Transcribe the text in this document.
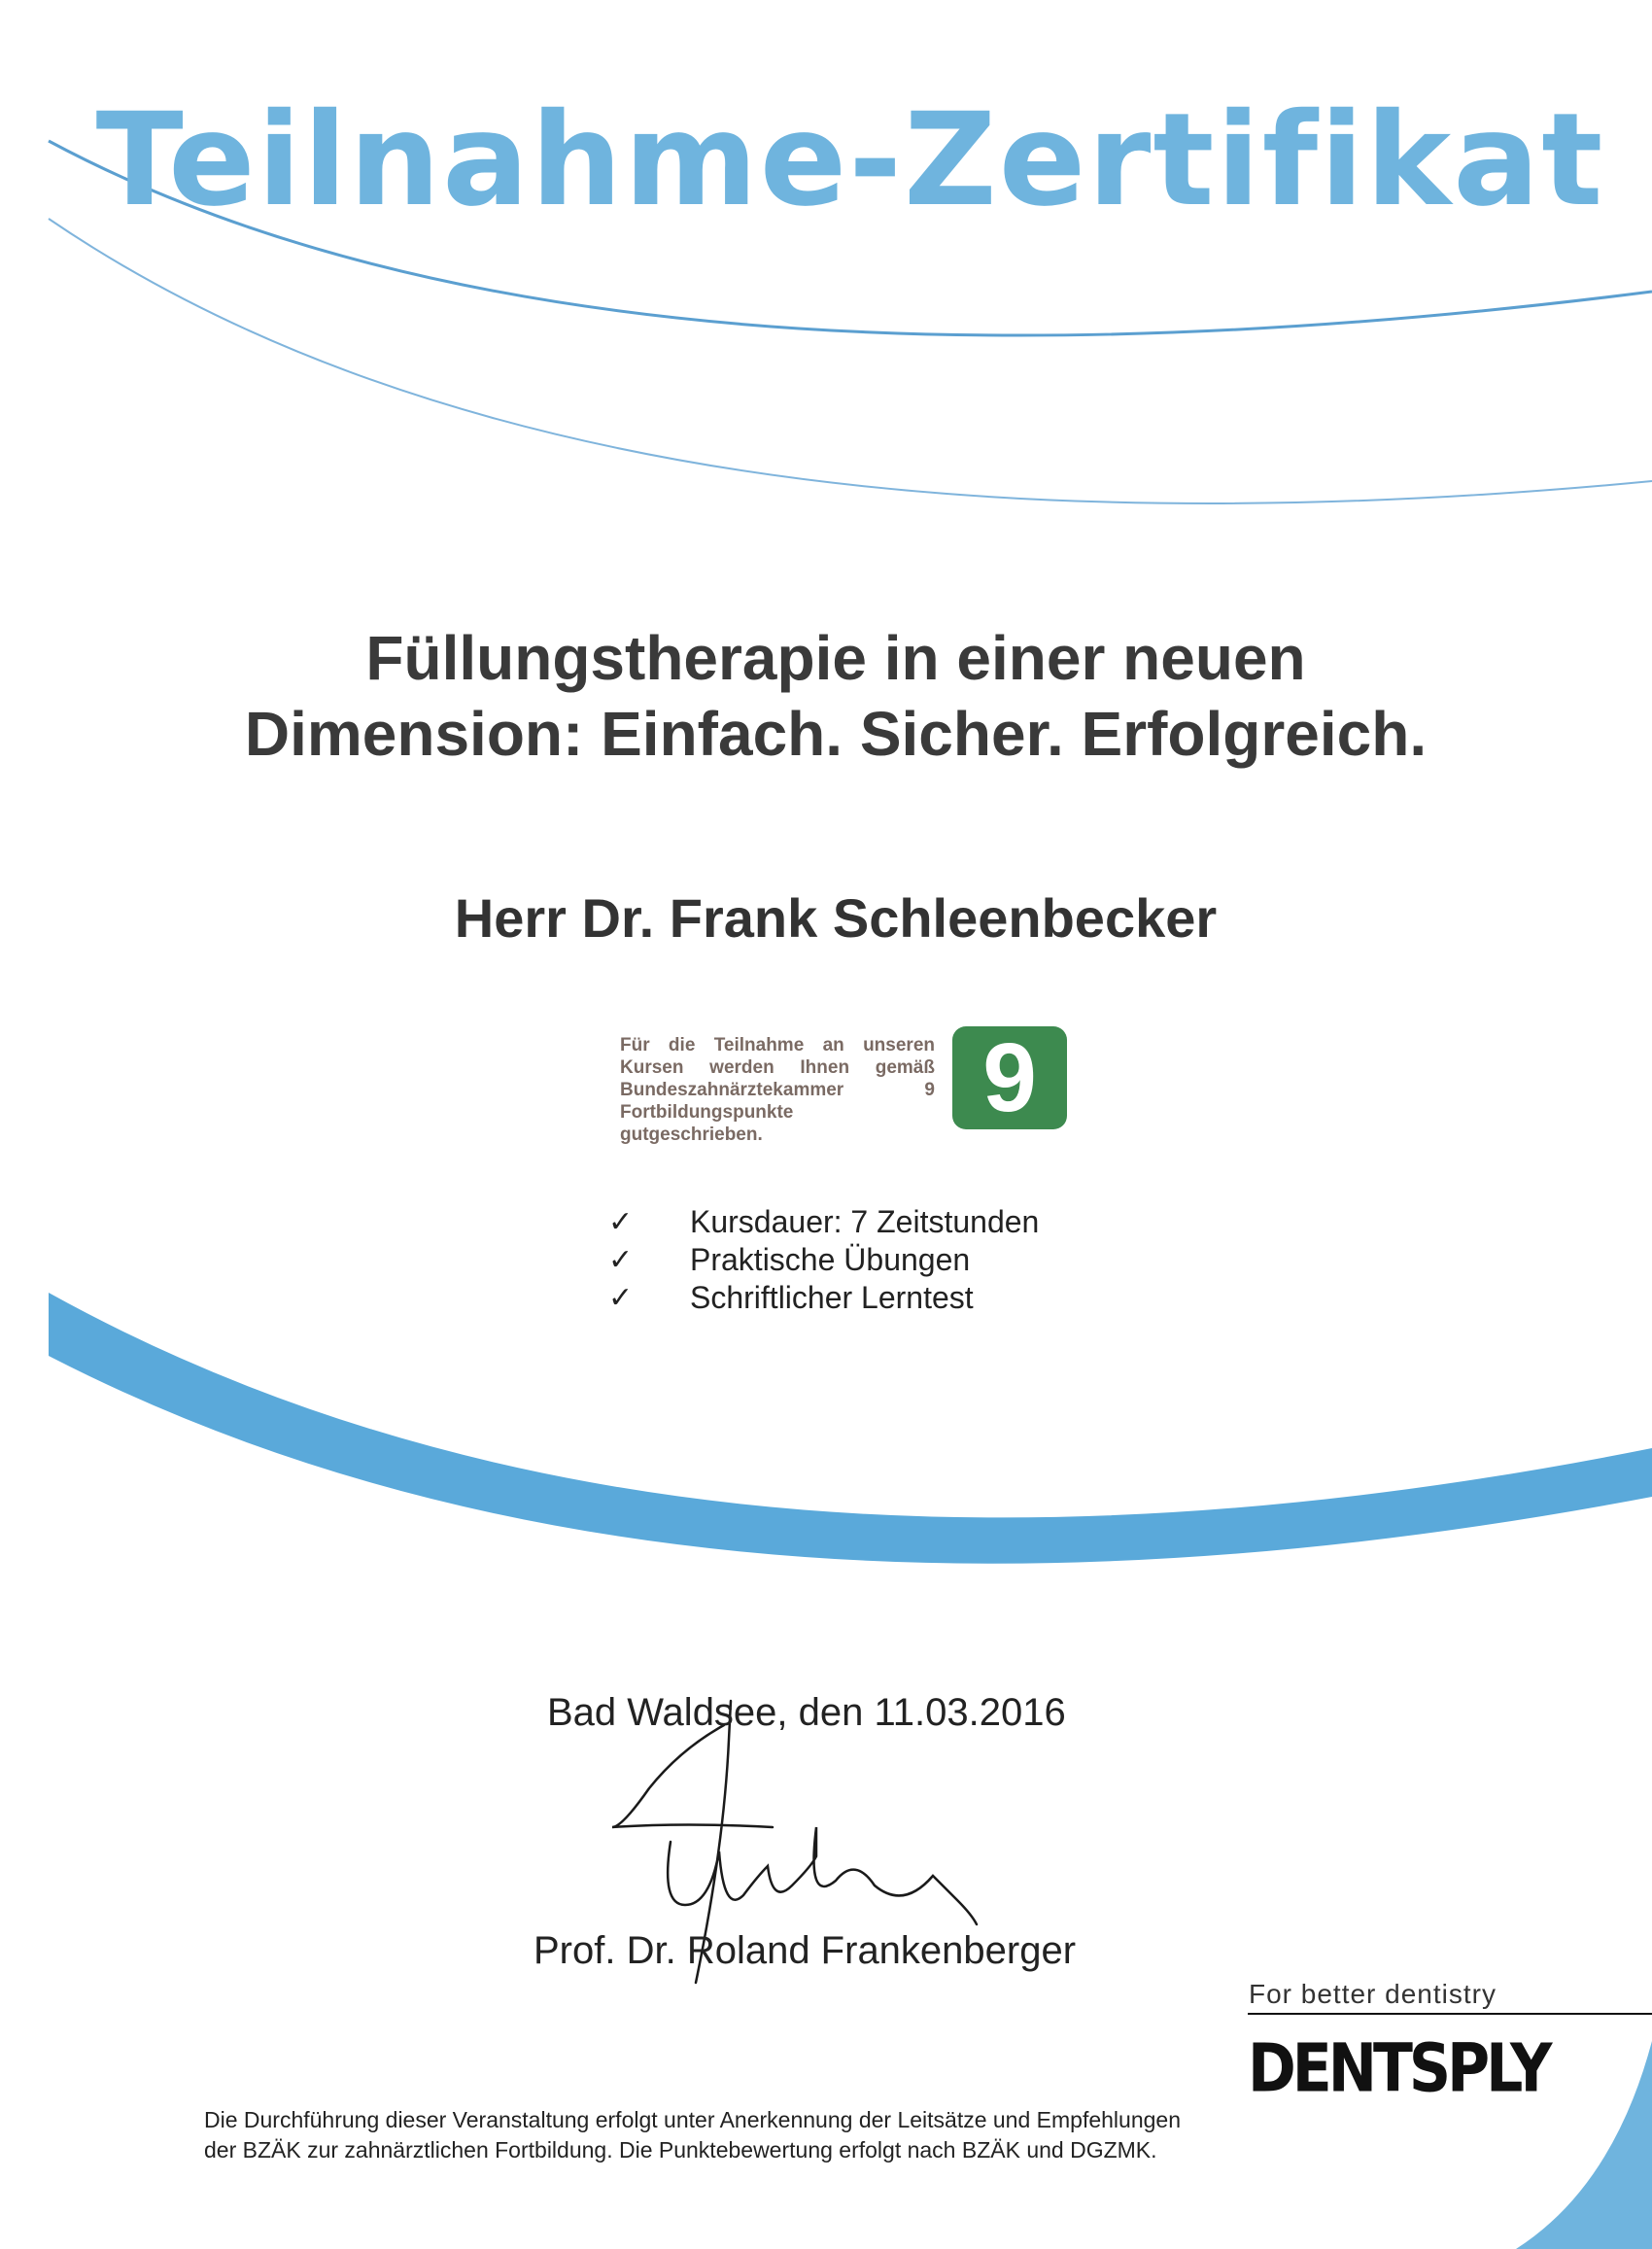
Teilnahme-Zertifikat
Füllungstherapie in einer neuen
Dimension: Einfach. Sicher. Erfolgreich.
Herr Dr. Frank Schleenbecker
Für die Teilnahme an unseren Kursen werden Ihnen gemäß Bundeszahnärztekammer 9 Fortbildungspunkte gutgeschrieben.
9
✓	Kursdauer: 7 Zeitstunden
✓	Praktische Übungen
✓	Schriftlicher Lerntest
Bad Waldsee, den 11.03.2016
Prof. Dr. Roland Frankenberger
For better dentistry
DENTSPLY
Die Durchführung dieser Veranstaltung erfolgt unter Anerkennung der Leitsätze und Empfehlungen
der BZÄK zur zahnärztlichen Fortbildung. Die Punktebewertung erfolgt nach BZÄK und DGZMK.
